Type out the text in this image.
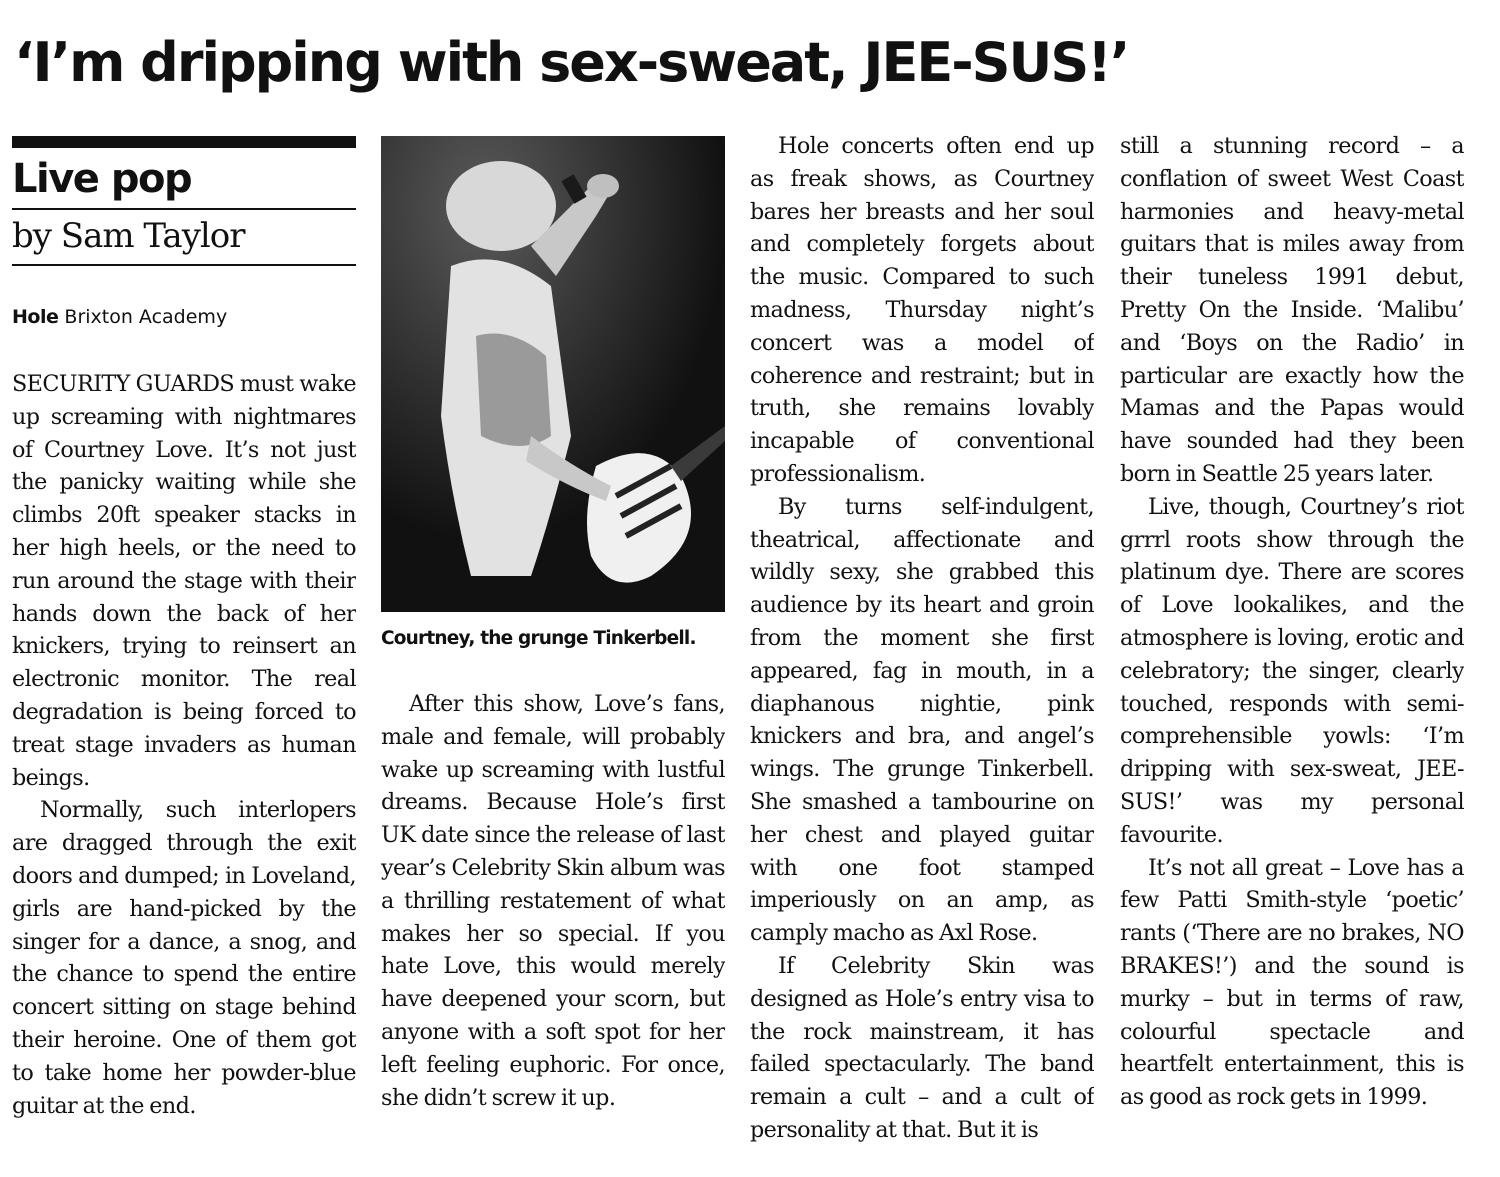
‘I’m dripping with sex-sweat, JEE-SUS!’
Live pop
by Sam Taylor
Hole Brixton Academy

SECURITY GUARDS must wake up screaming with nightmares of Courtney Love. It’s not just the panicky waiting while she climbs 20ft speaker stacks in her high heels, or the need to run around the stage with their hands down the back of her knickers, trying to reinsert an electronic monitor. The real degradation is being forced to treat stage invaders as human beings.

Normally, such interlopers are dragged through the exit doors and dumped; in Loveland, girls are hand-picked by the singer for a dance, a snog, and the chance to spend the entire concert sitting on stage behind their heroine. One of them got to take home her powder-blue guitar at the end.

Courtney, the grunge Tinkerbell.

After this show, Love’s fans, male and female, will probably wake up screaming with lustful dreams. Because Hole’s first UK date since the release of last year’s Celebrity Skin album was a thrilling restatement of what makes her so special. If you hate Love, this would merely have deepened your scorn, but anyone with a soft spot for her left feeling euphoric. For once, she didn’t screw it up.

Hole concerts often end up as freak shows, as Courtney bares her breasts and her soul and completely forgets about the music. Compared to such madness, Thursday night’s concert was a model of coherence and restraint; but in truth, she remains lovably incapable of conventional professionalism.

By turns self-indulgent, theatrical, affectionate and wildly sexy, she grabbed this audience by its heart and groin from the moment she first appeared, fag in mouth, in a diaphanous nightie, pink knickers and bra, and angel’s wings. The grunge Tinkerbell. She smashed a tambourine on her chest and played guitar with one foot stamped imperiously on an amp, as camply macho as Axl Rose.

If Celebrity Skin was designed as Hole’s entry visa to the rock mainstream, it has failed spectacularly. The band remain a cult – and a cult of personality at that. But it is

still a stunning record – a conflation of sweet West Coast harmonies and heavy-metal guitars that is miles away from their tuneless 1991 debut, Pretty On the Inside. ‘Malibu’ and ‘Boys on the Radio’ in particular are exactly how the Mamas and the Papas would have sounded had they been born in Seattle 25 years later.

Live, though, Courtney’s riot grrrl roots show through the platinum dye. There are scores of Love lookalikes, and the atmosphere is loving, erotic and celebratory; the singer, clearly touched, responds with semi-comprehensible yowls: ‘I’m dripping with sex-sweat, JEE-SUS!’ was my personal favourite.

It’s not all great – Love has a few Patti Smith-style ‘poetic’ rants (‘There are no brakes, NO BRAKES!’) and the sound is murky – but in terms of raw, colourful spectacle and heartfelt entertainment, this is as good as rock gets in 1999.
